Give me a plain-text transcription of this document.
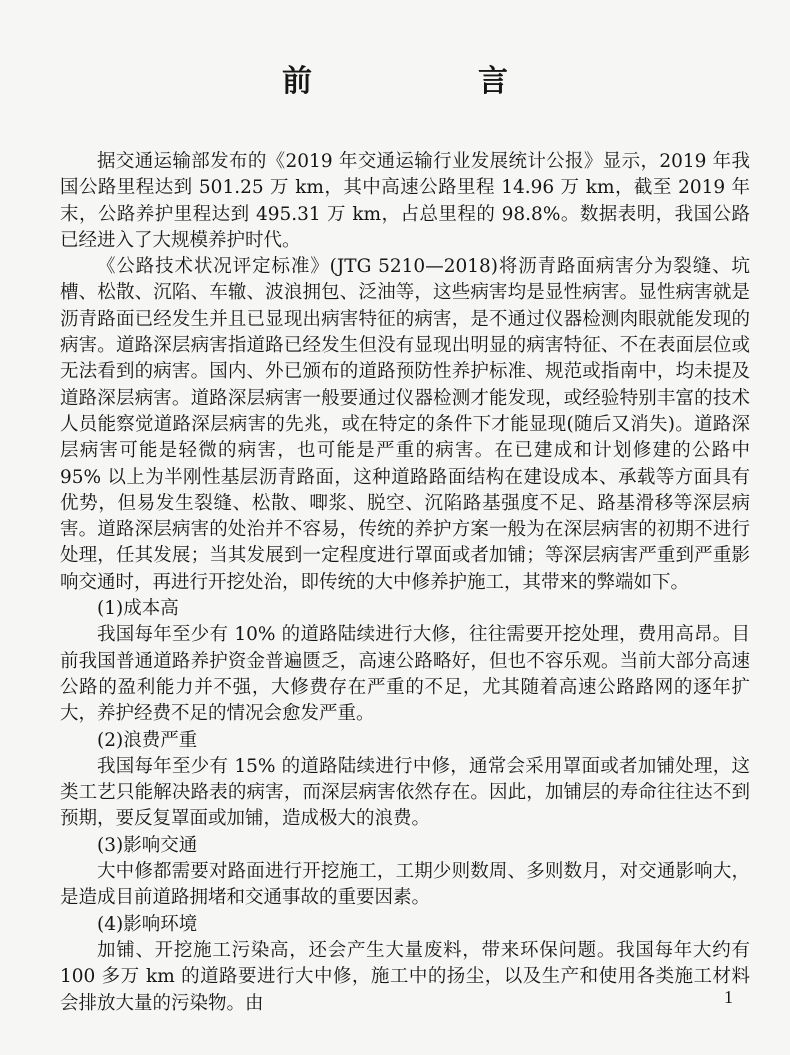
前　言

据交通运输部发布的《2019 年交通运输行业发展统计公报》显示，2019 年我国公路里程达到 501.25 万 km，其中高速公路里程 14.96 万 km，截至 2019 年末，公路养护里程达到 495.31 万 km，占总里程的 98.8%。数据表明，我国公路已经进入了大规模养护时代。

《公路技术状况评定标准》(JTG 5210—2018)将沥青路面病害分为裂缝、坑槽、松散、沉陷、车辙、波浪拥包、泛油等，这些病害均是显性病害。显性病害就是沥青路面已经发生并且已显现出病害特征的病害，是不通过仪器检测肉眼就能发现的病害。道路深层病害指道路已经发生但没有显现出明显的病害特征、不在表面层位或无法看到的病害。国内、外已颁布的道路预防性养护标准、规范或指南中，均未提及道路深层病害。道路深层病害一般要通过仪器检测才能发现，或经验特别丰富的技术人员能察觉道路深层病害的先兆，或在特定的条件下才能显现(随后又消失)。道路深层病害可能是轻微的病害，也可能是严重的病害。在已建成和计划修建的公路中 95% 以上为半刚性基层沥青路面，这种道路路面结构在建设成本、承载等方面具有优势，但易发生裂缝、松散、唧浆、脱空、沉陷路基强度不足、路基滑移等深层病害。道路深层病害的处治并不容易，传统的养护方案一般为在深层病害的初期不进行处理，任其发展；当其发展到一定程度进行罩面或者加铺；等深层病害严重到严重影响交通时，再进行开挖处治，即传统的大中修养护施工，其带来的弊端如下。

(1)成本高

我国每年至少有 10% 的道路陆续进行大修，往往需要开挖处理，费用高昂。目前我国普通道路养护资金普遍匮乏，高速公路略好，但也不容乐观。当前大部分高速公路的盈利能力并不强，大修费存在严重的不足，尤其随着高速公路路网的逐年扩大，养护经费不足的情况会愈发严重。

(2)浪费严重

我国每年至少有 15% 的道路陆续进行中修，通常会采用罩面或者加铺处理，这类工艺只能解决路表的病害，而深层病害依然存在。因此，加铺层的寿命往往达不到预期，要反复罩面或加铺，造成极大的浪费。

(3)影响交通

大中修都需要对路面进行开挖施工，工期少则数周、多则数月，对交通影响大，是造成目前道路拥堵和交通事故的重要因素。

(4)影响环境

加铺、开挖施工污染高，还会产生大量废料，带来环保问题。我国每年大约有 100 多万 km 的道路要进行大中修，施工中的扬尘，以及生产和使用各类施工材料会排放大量的污染物。由	1
